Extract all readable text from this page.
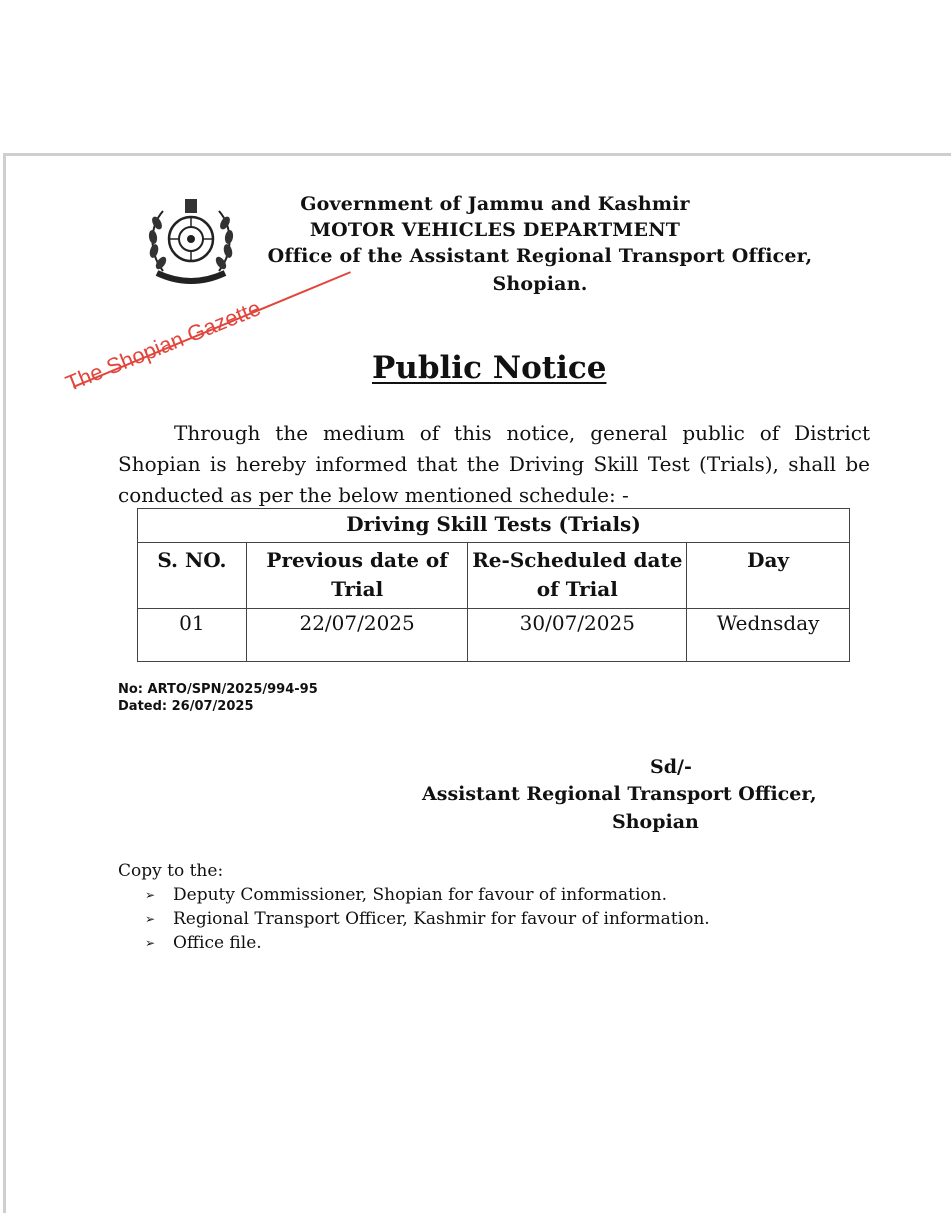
Government of Jammu and Kashmir
MOTOR VEHICLES DEPARTMENT
Office of the Assistant Regional Transport Officer,
Shopian.
The Shopian Gazette	Public Notice
Through the medium of this notice, general public of District Shopian is hereby informed that the Driving Skill Test (Trials), shall be conducted as per the below mentioned schedule: -
Driving Skill Tests (Trials)			
S. NO.	Previous date of Trial	Re-Scheduled date of Trial	Day
01	22/07/2025	30/07/2025	Wednsday
No: ARTO/SPN/2025/994-95
Dated: 26/07/2025
Sd/-
Assistant Regional Transport Officer,
Shopian
Copy to the:
➢	Deputy Commissioner, Shopian for favour of information.
➢	Regional Transport Officer, Kashmir for favour of information.
➢	Office file.
